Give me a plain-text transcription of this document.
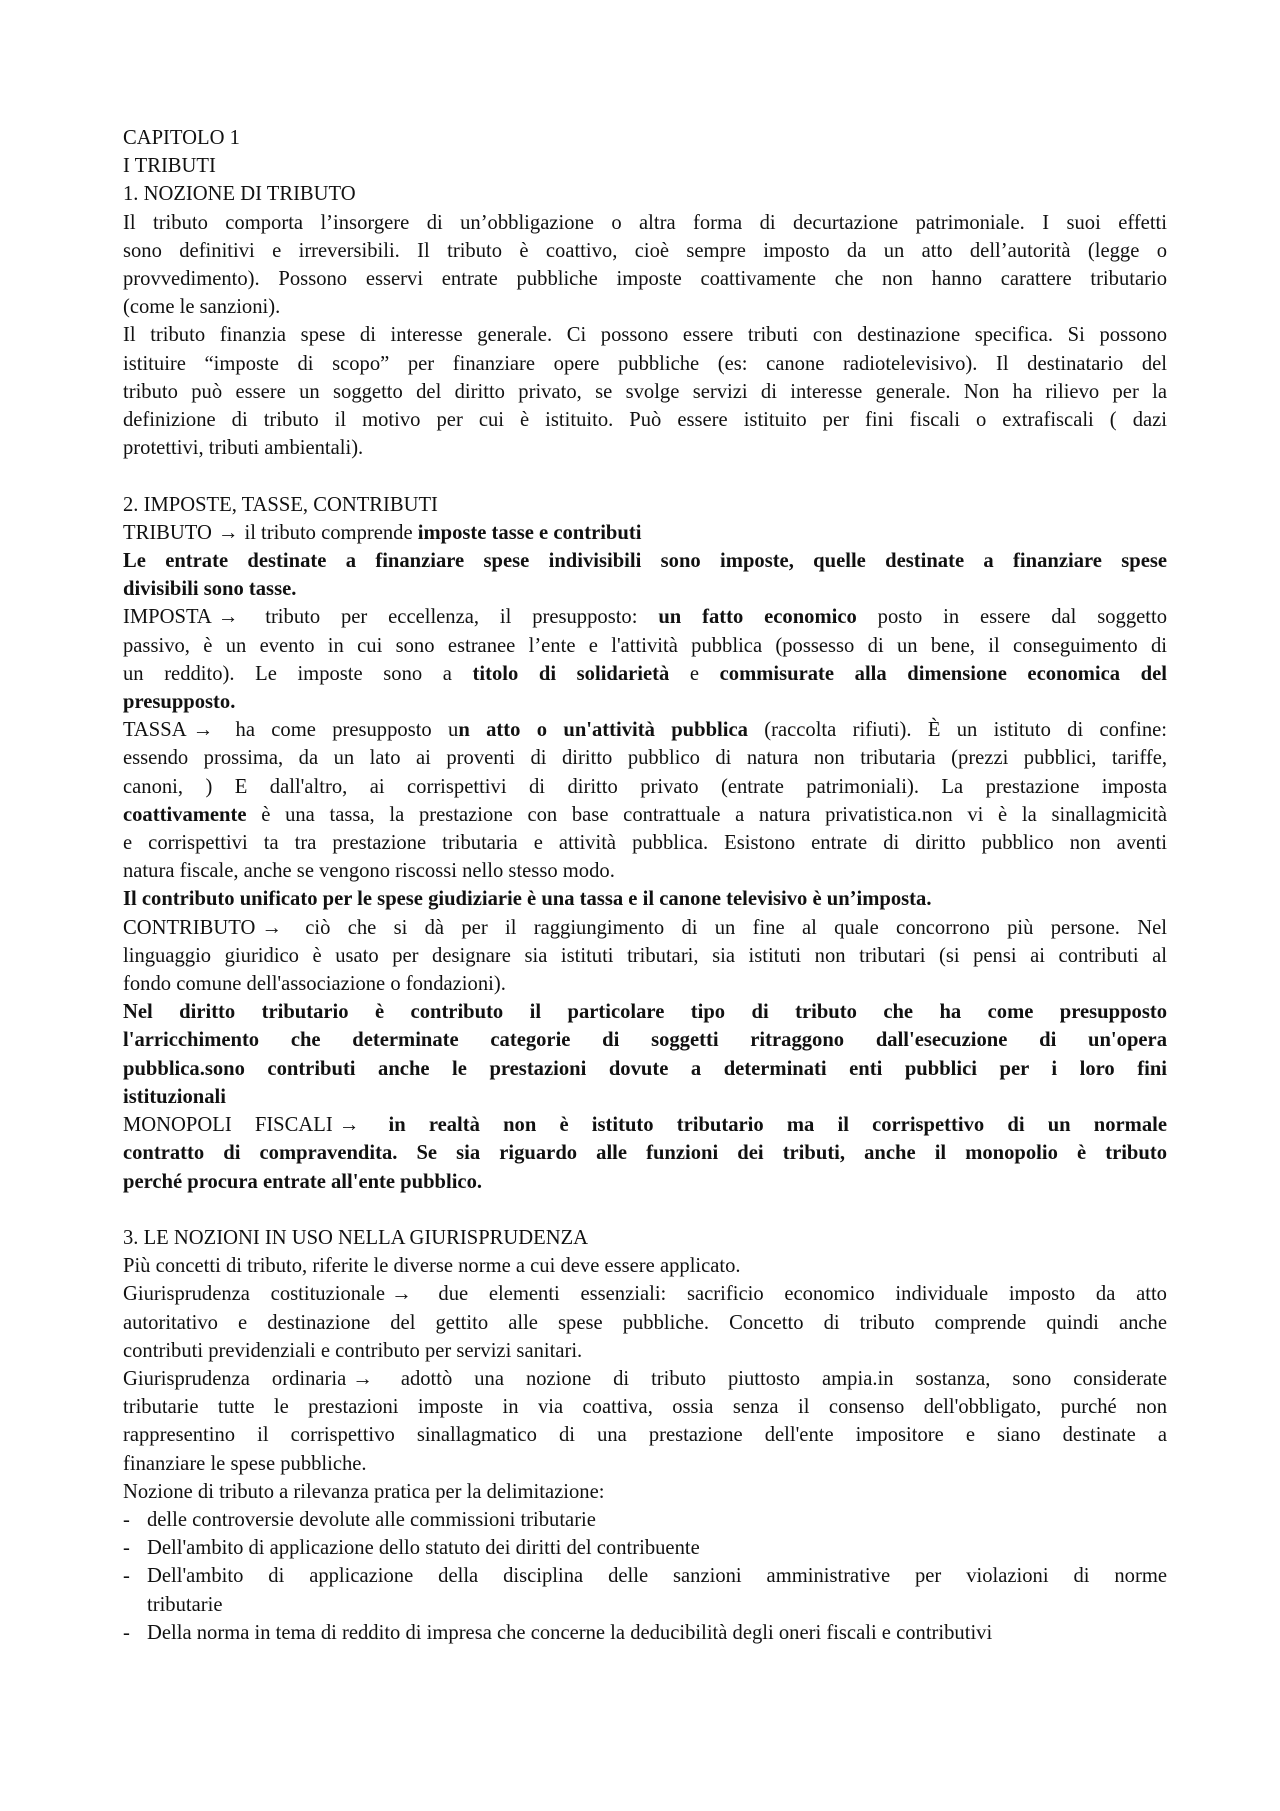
CAPITOLO 1
I TRIBUTI
1. NOZIONE DI TRIBUTO
Il tributo comporta l’insorgere di un’obbligazione o altra forma di decurtazione patrimoniale. I suoi effetti
sono definitivi e irreversibili. Il tributo è coattivo, cioè sempre imposto da un atto dell’autorità (legge o
provvedimento). Possono esservi entrate pubbliche imposte coattivamente che non hanno carattere tributario
(come le sanzioni).
Il tributo finanzia spese di interesse generale. Ci possono essere tributi con destinazione specifica. Si possono
istituire “imposte di scopo” per finanziare opere pubbliche (es: canone radiotelevisivo). Il destinatario del
tributo può essere un soggetto del diritto privato, se svolge servizi di interesse generale. Non ha rilievo per la
definizione di tributo il motivo per cui è istituito. Può essere istituito per fini fiscali o extrafiscali ( dazi
protettivi, tributi ambientali).
2. IMPOSTE, TASSE, CONTRIBUTI
TRIBUTO → il tributo comprende imposte tasse e contributi
Le entrate destinate a finanziare spese indivisibili sono imposte, quelle destinate a finanziare spese
divisibili sono tasse.
IMPOSTA → tributo per eccellenza, il presupposto: un fatto economico posto in essere dal soggetto
passivo, è un evento in cui sono estranee l’ente e l'attività pubblica (possesso di un bene, il conseguimento di
un reddito). Le imposte sono a titolo di solidarietà e commisurate alla dimensione economica del
presupposto.
TASSA → ha come presupposto un atto o un'attività pubblica (raccolta rifiuti). È un istituto di confine:
essendo prossima, da un lato ai proventi di diritto pubblico di natura non tributaria (prezzi pubblici, tariffe,
canoni, ) E dall'altro, ai corrispettivi di diritto privato (entrate patrimoniali). La prestazione imposta
coattivamente è una tassa, la prestazione con base contrattuale a natura privatistica.non vi è la sinallagmicità
e corrispettivi ta tra prestazione tributaria e attività pubblica. Esistono entrate di diritto pubblico non aventi
natura fiscale, anche se vengono riscossi nello stesso modo.
Il contributo unificato per le spese giudiziarie è una tassa e il canone televisivo è un’imposta.
CONTRIBUTO → ciò che si dà per il raggiungimento di un fine al quale concorrono più persone. Nel
linguaggio giuridico è usato per designare sia istituti tributari, sia istituti non tributari (si pensi ai contributi al
fondo comune dell'associazione o fondazioni).
Nel diritto tributario è contributo il particolare tipo di tributo che ha come presupposto
l'arricchimento che determinate categorie di soggetti ritraggono dall'esecuzione di un'opera
pubblica.sono contributi anche le prestazioni dovute a determinati enti pubblici per i loro fini
istituzionali
MONOPOLI FISCALI → in realtà non è istituto tributario ma il corrispettivo di un normale
contratto di compravendita. Se sia riguardo alle funzioni dei tributi, anche il monopolio è tributo
perché procura entrate all'ente pubblico.
3. LE NOZIONI IN USO NELLA GIURISPRUDENZA
Più concetti di tributo, riferite le diverse norme a cui deve essere applicato.
Giurisprudenza costituzionale → due elementi essenziali: sacrificio economico individuale imposto da atto
autoritativo e destinazione del gettito alle spese pubbliche. Concetto di tributo comprende quindi anche
contributi previdenziali e contributo per servizi sanitari.
Giurisprudenza ordinaria → adottò una nozione di tributo piuttosto ampia.in sostanza, sono considerate
tributarie tutte le prestazioni imposte in via coattiva, ossia senza il consenso dell'obbligato, purché non
rappresentino il corrispettivo sinallagmatico di una prestazione dell'ente impositore e siano destinate a
finanziare le spese pubbliche.
Nozione di tributo a rilevanza pratica per la delimitazione:
- delle controversie devolute alle commissioni tributarie
- Dell'ambito di applicazione dello statuto dei diritti del contribuente
- Dell'ambito di applicazione della disciplina delle sanzioni amministrative per violazioni di norme
tributarie
- Della norma in tema di reddito di impresa che concerne la deducibilità degli oneri fiscali e contributivi
